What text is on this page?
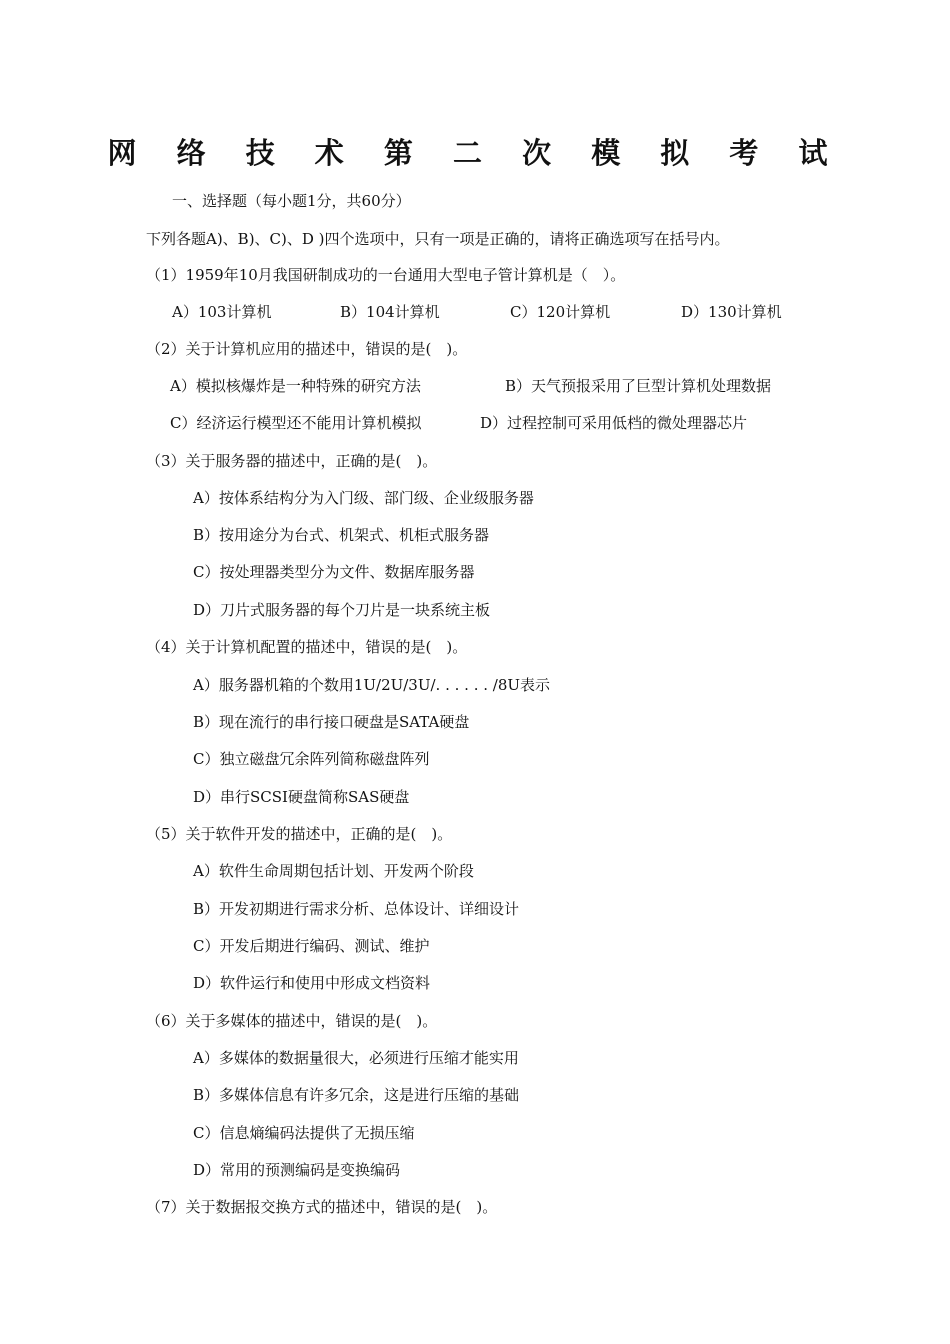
网 络 技 术 第 二 次 模 拟 考 试
一、选择题（每小题1分，共60分）
下列各题A)、B)、C)、D )四个选项中，只有一项是正确的，请将正确选项写在括号内。
（1）1959年10月我国研制成功的一台通用大型电子管计算机是（　）。
A）103计算机	B）104计算机	C）120计算机	D）130计算机
（2）关于计算机应用的描述中，错误的是(　)。
A）模拟核爆炸是一种特殊的研究方法	B）天气预报采用了巨型计算机处理数据
C）经济运行模型还不能用计算机模拟	D）过程控制可采用低档的微处理器芯片
（3）关于服务器的描述中，正确的是(　)。
A）按体系结构分为入门级、部门级、企业级服务器
B）按用途分为台式、机架式、机柜式服务器
C）按处理器类型分为文件、数据库服务器
D）刀片式服务器的每个刀片是一块系统主板
（4）关于计算机配置的描述中，错误的是(　)。
A）服务器机箱的个数用1U/2U/3U/. . . . . . /8U表示
B）现在流行的串行接口硬盘是SATA硬盘
C）独立磁盘冗余阵列简称磁盘阵列
D）串行SCSI硬盘简称SAS硬盘
（5）关于软件开发的描述中，正确的是(　)。
A）软件生命周期包括计划、开发两个阶段
B）开发初期进行需求分析、总体设计、详细设计
C）开发后期进行编码、测试、维护
D）软件运行和使用中形成文档资料
（6）关于多媒体的描述中，错误的是(　)。
A）多媒体的数据量很大，必须进行压缩才能实用
B）多媒体信息有许多冗余，这是进行压缩的基础
C）信息熵编码法提供了无损压缩
D）常用的预测编码是变换编码
（7）关于数据报交换方式的描述中，错误的是(　)。
